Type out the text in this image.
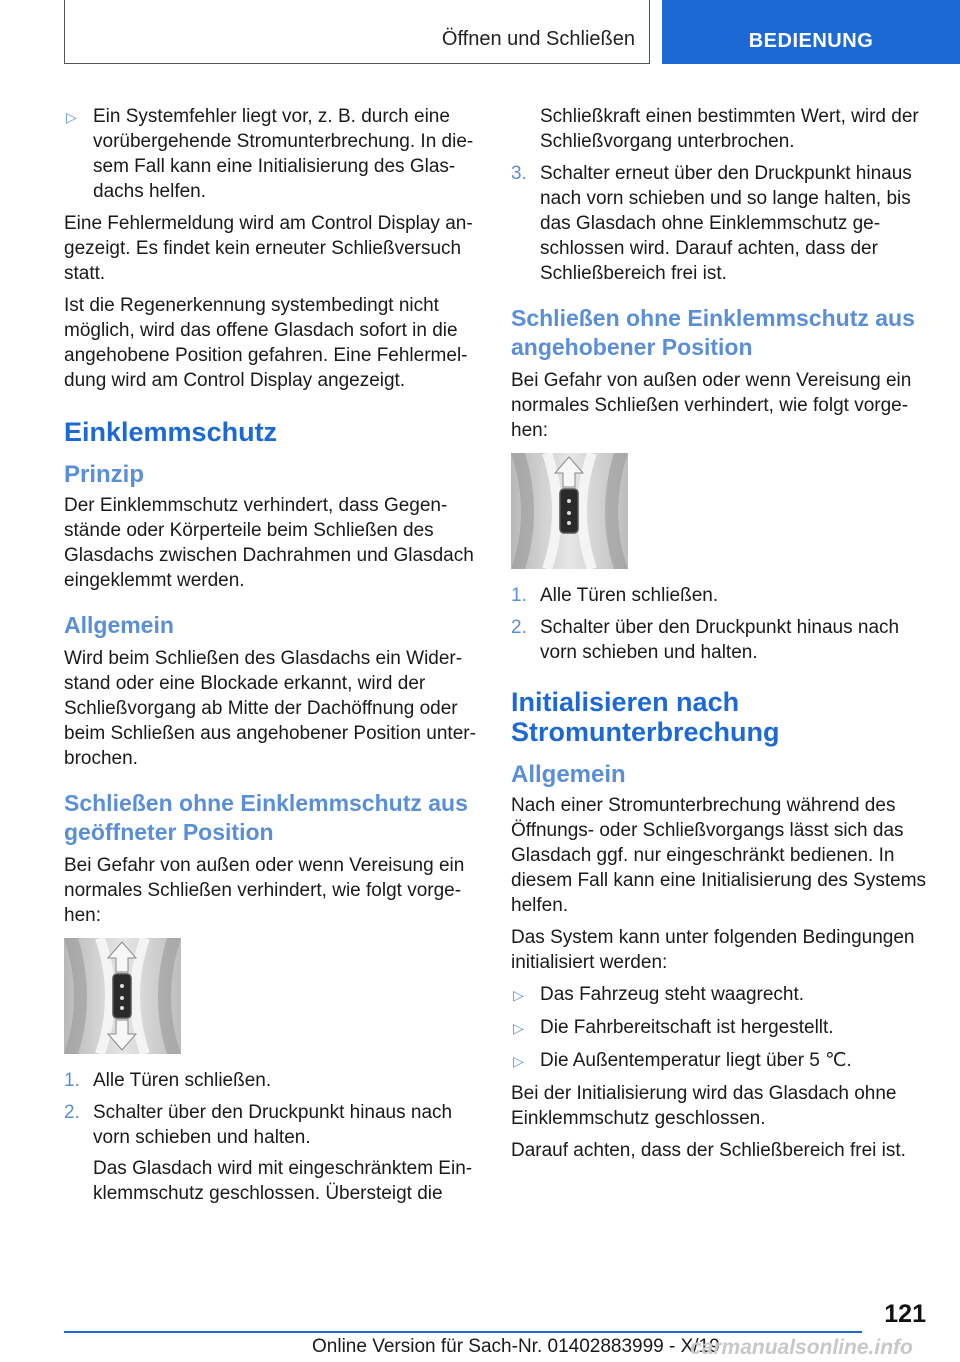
Öffnen und Schließen	BEDIENUNG
▷ Ein Systemfehler liegt vor, z. B. durch eine vorübergehende Stromunterbrechung. In die-sem Fall kann eine Initialisierung des Glas-dachs helfen.

Eine Fehlermeldung wird am Control Display an-gezeigt. Es findet kein erneuter Schließversuch statt.

Ist die Regenerkennung systembedingt nicht möglich, wird das offene Glasdach sofort in die angehobene Position gefahren. Eine Fehlermel-dung wird am Control Display angezeigt.

Einklemmschutz
Prinzip

Der Einklemmschutz verhindert, dass Gegen-stände oder Körperteile beim Schließen des Glasdachs zwischen Dachrahmen und Glasdach eingeklemmt werden.

Allgemein

Wird beim Schließen des Glasdachs ein Wider-stand oder eine Blockade erkannt, wird der Schließvorgang ab Mitte der Dachöffnung oder beim Schließen aus angehobener Position unter-brochen.

Schließen ohne Einklemmschutz aus geöffneter Position

Bei Gefahr von außen oder wenn Vereisung ein normales Schließen verhindert, wie folgt vorge-hen:

1. Alle Türen schließen.
2. Schalter über den Druckpunkt hinaus nach vorn schieben und halten.

Das Glasdach wird mit eingeschränktem Ein-klemmschutz geschlossen. Übersteigt die

Schließkraft einen bestimmten Wert, wird der Schließvorgang unterbrochen.

3. Schalter erneut über den Druckpunkt hinaus nach vorn schieben und so lange halten, bis das Glasdach ohne Einklemmschutz ge-schlossen wird. Darauf achten, dass der Schließbereich frei ist.
Schließen ohne Einklemmschutz aus angehobener Position

Bei Gefahr von außen oder wenn Vereisung ein normales Schließen verhindert, wie folgt vorge-hen:

1. Alle Türen schließen.
2. Schalter über den Druckpunkt hinaus nach vorn schieben und halten.
Initialisieren nach Stromunterbrechung
Allgemein

Nach einer Stromunterbrechung während des Öffnungs- oder Schließvorgangs lässt sich das Glasdach ggf. nur eingeschränkt bedienen. In diesem Fall kann eine Initialisierung des Systems helfen.

Das System kann unter folgenden Bedingungen initialisiert werden:

▷ Das Fahrzeug steht waagrecht.
▷ Die Fahrbereitschaft ist hergestellt.
▷ Die Außentemperatur liegt über 5 ℃.

Bei der Initialisierung wird das Glasdach ohne Einklemmschutz geschlossen.

Darauf achten, dass der Schließbereich frei ist.

121
Online Version für Sach-Nr. 01402883999 - X/19
carmanualsonline.info
